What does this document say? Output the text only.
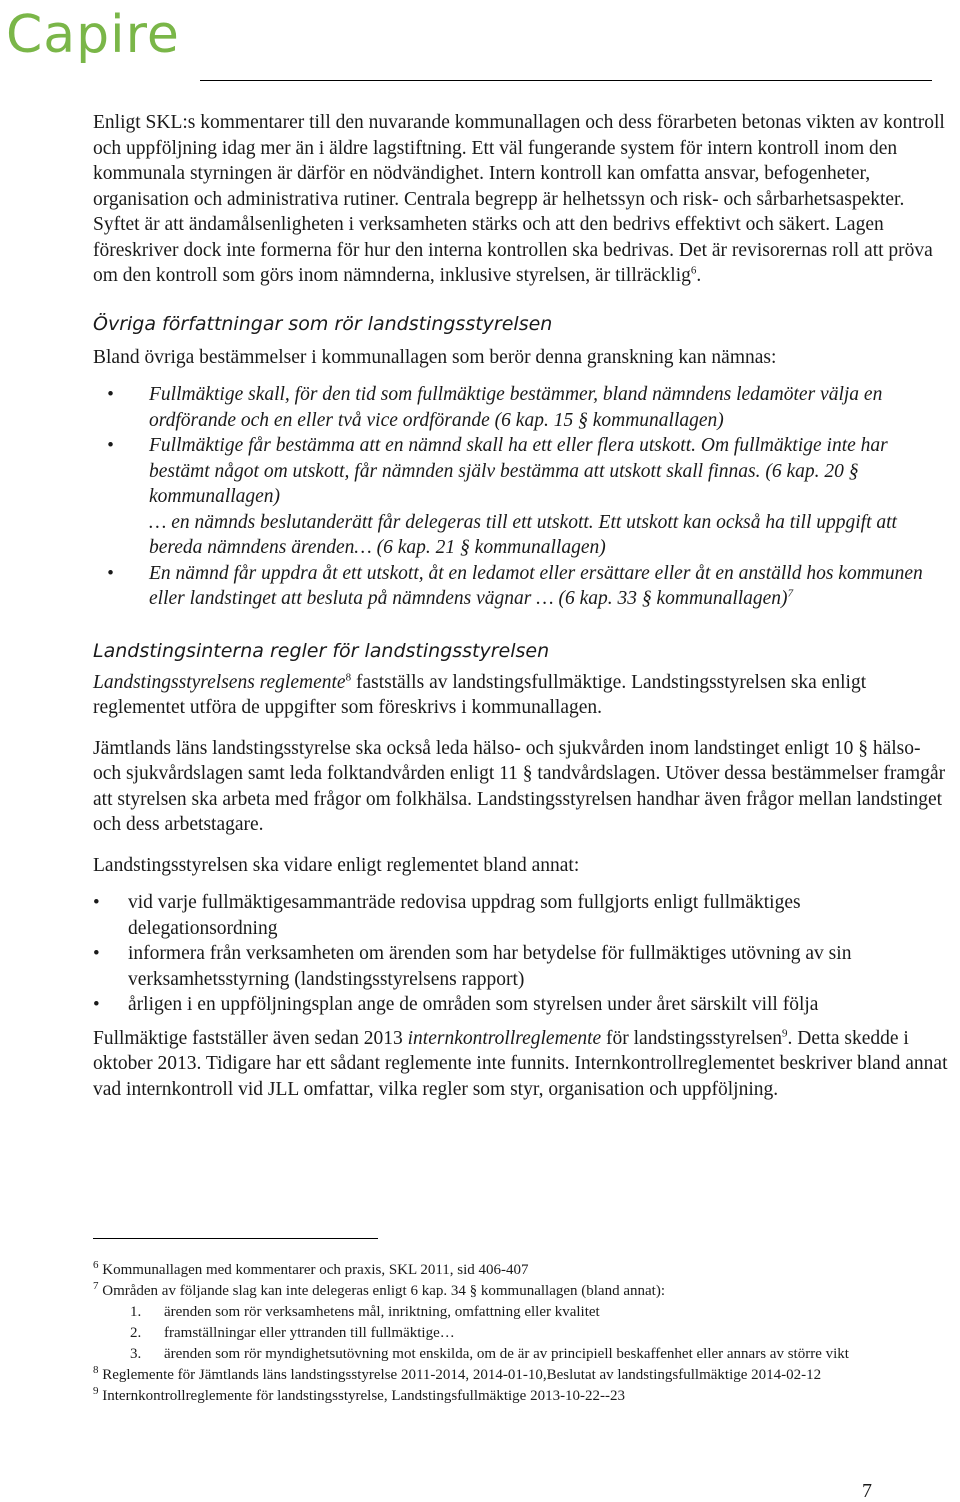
Capire

Enligt SKL:s kommentarer till den nuvarande kommunallagen och dess förarbeten betonas vikten av kontroll och uppföljning idag mer än i äldre lagstiftning. Ett väl fungerande system för intern kontroll inom den kommunala styrningen är därför en nödvändighet. Intern kontroll kan omfatta ansvar, befogenheter, organisation och administrativa rutiner. Centrala begrepp är helhetssyn och risk- och sårbarhetsaspekter. Syftet är att ändamålsenligheten i verksamheten stärks och att den bedrivs effektivt och säkert. Lagen föreskriver dock inte formerna för hur den interna kontrollen ska bedrivas. Det är revisorernas roll att pröva om den kontroll som görs inom nämnderna, inklusive styrelsen, är tillräcklig$^6$.

Övriga författningar som rör landstingsstyrelsen

Bland övriga bestämmelser i kommunallagen som berör denna granskning kan nämnas:

• Fullmäktige skall, för den tid som fullmäktige bestämmer, bland nämndens ledamöter välja en ordförande och en eller två vice ordförande (6 kap. 15 § kommunallagen)
• Fullmäktige får bestämma att en nämnd skall ha ett eller flera utskott. Om fullmäktige inte har bestämt något om utskott, får nämnden själv bestämma att utskott skall finnas. (6 kap. 20 § kommunallagen)
… en nämnds beslutanderätt får delegeras till ett utskott. Ett utskott kan också ha till uppgift att bereda nämndens ärenden… (6 kap. 21 § kommunallagen)
• En nämnd får uppdra åt ett utskott, åt en ledamot eller ersättare eller åt en anställd hos kommunen eller landstinget att besluta på nämndens vägnar … (6 kap. 33 § kommunallagen)$^7$
Landstingsinterna regler för landstingsstyrelsen

Landstingsstyrelsens reglemente$^8$ fastställs av landstingsfullmäktige. Landstingsstyrelsen ska enligt reglementet utföra de uppgifter som föreskrivs i kommunallagen.

Jämtlands läns landstingsstyrelse ska också leda hälso- och sjukvården inom landstinget enligt 10 § hälso- och sjukvårdslagen samt leda folktandvården enligt 11 § tandvårdslagen. Utöver dessa bestämmelser framgår att styrelsen ska arbeta med frågor om folkhälsa. Landstingsstyrelsen handhar även frågor mellan landstinget och dess arbetstagare.

Landstingsstyrelsen ska vidare enligt reglementet bland annat:

• vid varje fullmäktigesammanträde redovisa uppdrag som fullgjorts enligt fullmäktiges delegationsordning
• informera från verksamheten om ärenden som har betydelse för fullmäktiges utövning av sin verksamhetsstyrning (landstingsstyrelsens rapport)
• årligen i en uppföljningsplan ange de områden som styrelsen under året särskilt vill följa

Fullmäktige fastställer även sedan 2013 internkontrollreglemente för landstingsstyrelsen$^9$. Detta skedde i oktober 2013. Tidigare har ett sådant reglemente inte funnits. Internkontrollreglementet beskriver bland annat vad internkontroll vid JLL omfattar, vilka regler som styr, organisation och uppföljning.

$^6$ Kommunallagen med kommentarer och praxis, SKL 2011, sid 406-407
$^7$ Områden av följande slag kan inte delegeras enligt 6 kap. 34 § kommunallagen (bland annat):
1. ärenden som rör verksamhetens mål, inriktning, omfattning eller kvalitet
2. framställningar eller yttranden till fullmäktige…
3. ärenden som rör myndighetsutövning mot enskilda, om de är av principiell beskaffenhet eller annars av större vikt
$^8$ Reglemente för Jämtlands läns landstingsstyrelse 2011-2014, 2014-01-10,Beslutat av landstingsfullmäktige 2014-02-12
$^9$ Internkontrollreglemente för landstingsstyrelse, Landstingsfullmäktige 2013-10-22--23
7
